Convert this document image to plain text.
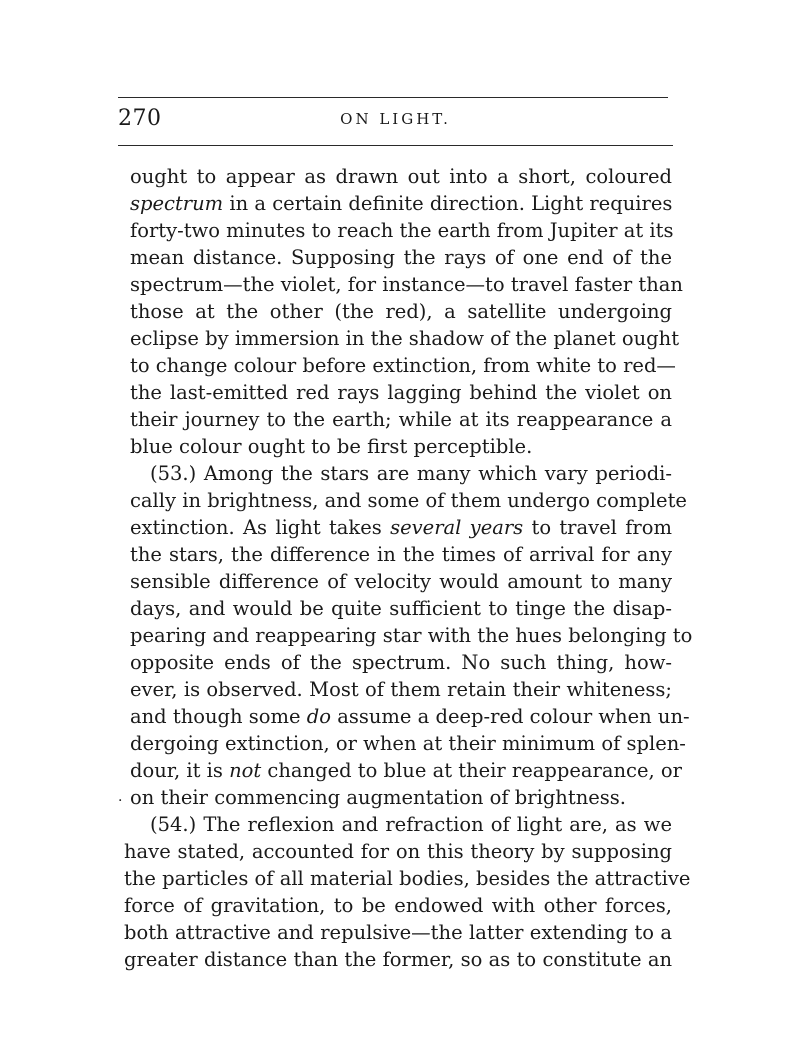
270	ON LIGHT.
ought to appear as drawn out into a short, coloured
spectrum in a certain definite direction. Light requires
forty-two minutes to reach the earth from Jupiter at its
mean distance. Supposing the rays of one end of the
spectrum—the violet, for instance—to travel faster than
those at the other (the red), a satellite undergoing
eclipse by immersion in the shadow of the planet ought
to change colour before extinction, from white to red—
the last-emitted red rays lagging behind the violet on
their journey to the earth; while at its reappearance a
blue colour ought to be first perceptible.
(53.) Among the stars are many which vary periodi-
cally in brightness, and some of them undergo complete
extinction. As light takes several years to travel from
the stars, the difference in the times of arrival for any
sensible difference of velocity would amount to many
days, and would be quite sufficient to tinge the disap-
pearing and reappearing star with the hues belonging to
opposite ends of the spectrum. No such thing, how-
ever, is observed. Most of them retain their whiteness;
and though some do assume a deep-red colour when un-
dergoing extinction, or when at their minimum of splen-
dour, it is not changed to blue at their reappearance, or
on their commencing augmentation of brightness.
(54.) The reflexion and refraction of light are, as we
have stated, accounted for on this theory by supposing
the particles of all material bodies, besides the attractive
force of gravitation, to be endowed with other forces,
both attractive and repulsive—the latter extending to a
greater distance than the former, so as to constitute an
·
